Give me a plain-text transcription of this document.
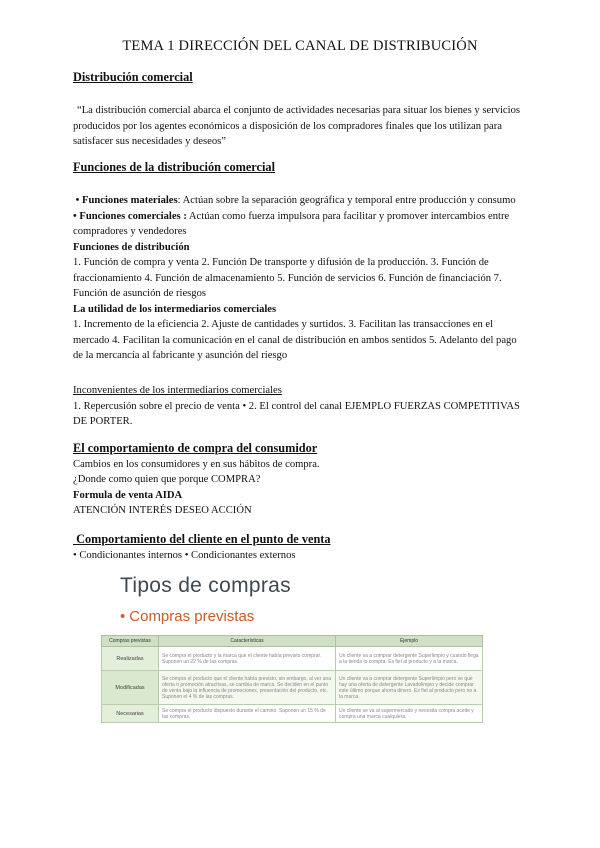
TEMA 1 DIRECCIÓN DEL CANAL DE DISTRIBUCIÓN
Distribución comercial
“La distribución comercial abarca el conjunto de actividades necesarias para situar los bienes y servicios producidos por los agentes económicos a disposición de los compradores finales que los utilizan para satisfacer sus necesidades y deseos”
Funciones de la distribución comercial
• Funciones materiales: Actúan sobre la separación geográfica y temporal entre producción y consumo
• Funciones comerciales : Actúan como fuerza impulsora para facilitar y promover intercambios entre compradores y vendedores
Funciones de distribución
1. Función de compra y venta 2. Función De transporte y difusión de la producción. 3. Función de fraccionamiento 4. Función de almacenamiento 5. Función de servicios 6. Función de financiación 7. Función de asunción de riesgos
La utilidad de los intermediarios comerciales
1. Incremento de la eficiencia 2. Ajuste de cantidades y surtidos. 3. Facilitan las transacciones en el mercado 4. Facilitan la comunicación en el canal de distribución en ambos sentidos 5. Adelanto del pago de la mercancía al fabricante y asunción del riesgo
Inconvenientes de los intermediarios comerciales
1. Repercusión sobre el precio de venta • 2. El control del canal EJEMPLO FUERZAS COMPETITIVAS DE PORTER.
El comportamiento de compra del consumidor
Cambios en los consumidores y en sus hábitos de compra.
¿Donde como quien que porque COMPRA?
Formula de venta AIDA
ATENCIÓN INTERÉS DESEO ACCIÓN
Comportamiento del cliente en el punto de venta
• Condicionantes internos • Condicionantes externos
Tipos de compras
• Compras previstas
Compras previstas	Características	Ejemplo
Realizadas	Se compra el producto y la marca que el cliente había previsto comprar. Suponen un 22 % de las compras.	Un cliente va a comprar detergente Superlimpio y cuando llega a la tienda lo compra. Es fiel al producto y a la marca.
Modificadas	Se compra el producto que el cliente había previsto, sin embargo, al ver una oferta o promoción atractivas, se cambia de marca. Se deciden en el punto de venta bajo la influencia de promociones, presentación del producto, etc. Suponen el 4 % de las compras.	Un cliente va a comprar detergente Superlimpio pero ve que hay una oferta de detergente Lavadolimpio y decide comprar este último porque ahorra dinero. Es fiel al producto pero no a la marca.
Necesarias	Se compra el producto dispuesto durante el camino. Suponen un 15 % de las compras.	Un cliente se va al supermercado y necesita compra aceite y compra una marca cualquiera.
